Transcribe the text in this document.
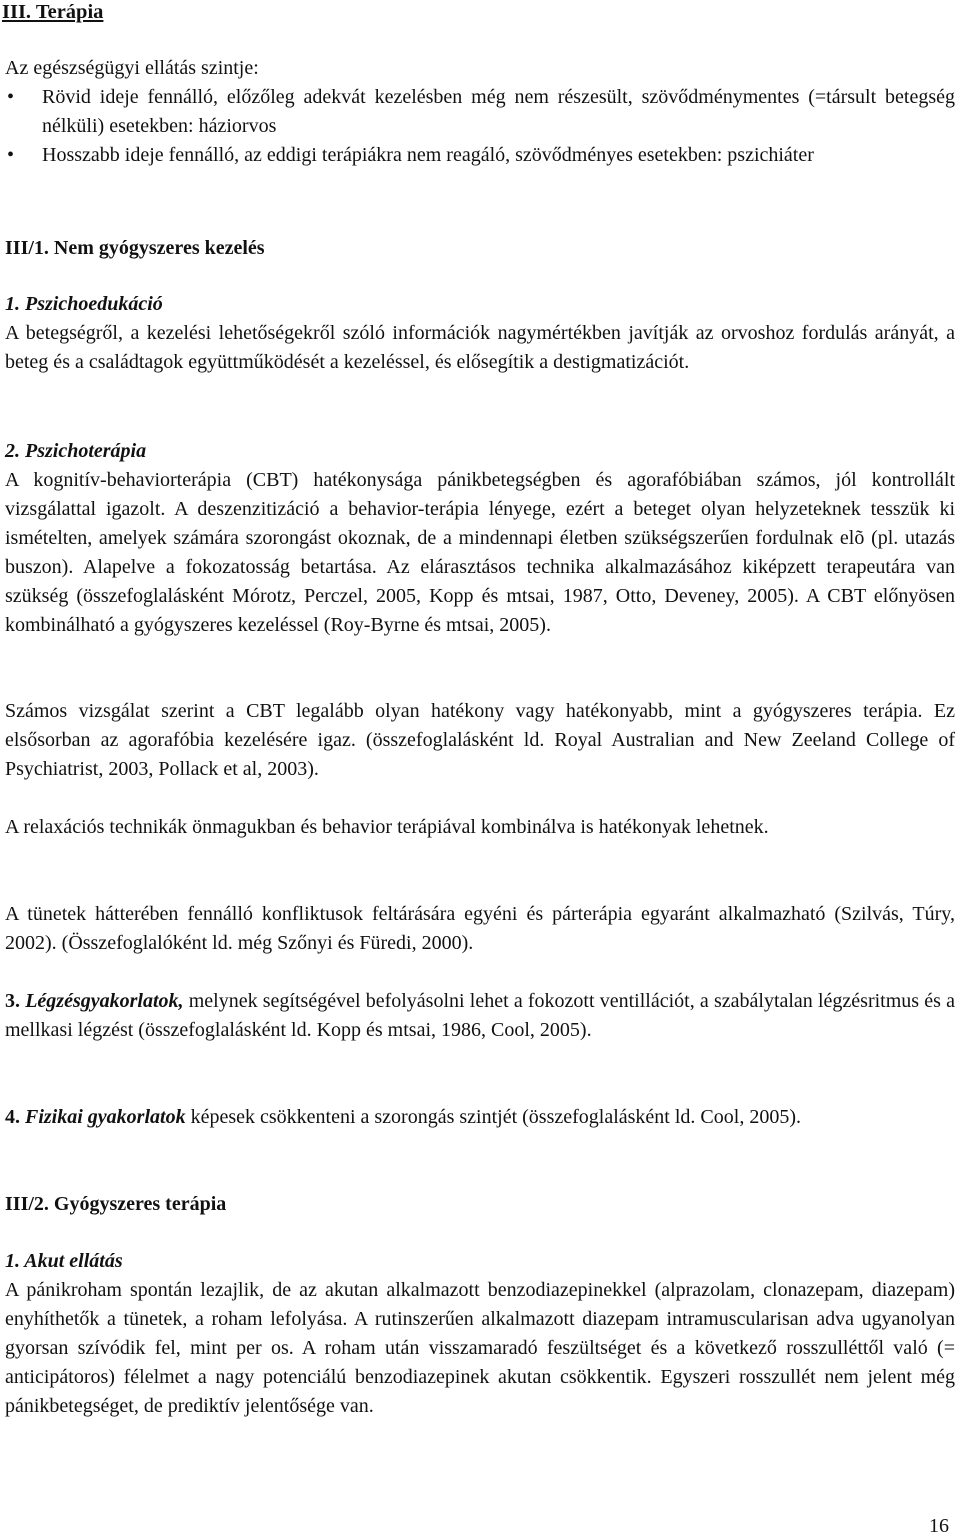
III. Terápia

Az egészségügyi ellátás szintje:

• Rövid ideje fennálló, előzőleg adekvát kezelésben még nem részesült, szövődménymentes (=társult betegség nélküli) esetekben: háziorvos
• Hosszabb ideje fennálló, az eddigi terápiákra nem reagáló, szövődményes esetekben: pszichiáter
III/1. Nem gyógyszeres kezelés

1. Pszichoedukáció

A betegségről, a kezelési lehetőségekről szóló információk nagymértékben javítják az orvoshoz fordulás arányát, a beteg és a családtagok együttműködését a kezeléssel, és elősegítik a destigmatizációt.

2. Pszichoterápia

A kognitív-behaviorterápia (CBT) hatékonysága pánikbetegségben és agorafóbiában számos, jól kontrollált vizsgálattal igazolt. A deszenzitizáció a behavior-terápia lényege, ezért a beteget olyan helyzeteknek tesszük ki ismételten, amelyek számára szorongást okoznak, de a mindennapi életben szükségszerűen fordulnak elõ (pl. utazás buszon). Alapelve a fokozatosság betartása. Az elárasztásos technika alkalmazásához kiképzett terapeutára van szükség (összefoglalásként Mórotz, Perczel, 2005, Kopp és mtsai, 1987, Otto, Deveney, 2005). A CBT előnyösen kombinálható a gyógyszeres kezeléssel (Roy-Byrne és mtsai, 2005).

Számos vizsgálat szerint a CBT legalább olyan hatékony vagy hatékonyabb, mint a gyógyszeres terápia. Ez elsősorban az agorafóbia kezelésére igaz. (összefoglalásként ld. Royal Australian and New Zeeland College of Psychiatrist, 2003, Pollack et al, 2003).
A relaxációs technikák önmagukban és behavior terápiával kombinálva is hatékonyak lehetnek.
A tünetek hátterében fennálló konfliktusok feltárására egyéni és párterápia egyaránt alkalmazható (Szilvás, Túry, 2002). (Összefoglalóként ld. még Szőnyi és Füredi, 2000).
3. Légzésgyakorlatok, melynek segítségével befolyásolni lehet a fokozott ventillációt, a szabálytalan légzésritmus és a mellkasi légzést (összefoglalásként ld. Kopp és mtsai, 1986, Cool, 2005).
4. Fizikai gyakorlatok képesek csökkenteni a szorongás szintjét (összefoglalásként ld. Cool, 2005).
III/2. Gyógyszeres terápia

1. Akut ellátás

A pánikroham spontán lezajlik, de az akutan alkalmazott benzodiazepinekkel (alprazolam, clonazepam, diazepam) enyhíthetők a tünetek, a roham lefolyása. A rutinszerűen alkalmazott diazepam intramuscularisan adva ugyanolyan gyorsan szívódik fel, mint per os. A roham után visszamaradó feszültséget és a következő rosszulléttől való (= anticipátoros) félelmet a nagy potenciálú benzodiazepinek akutan csökkentik. Egyszeri rosszullét nem jelent még pánikbetegséget, de prediktív jelentősége van.

16
